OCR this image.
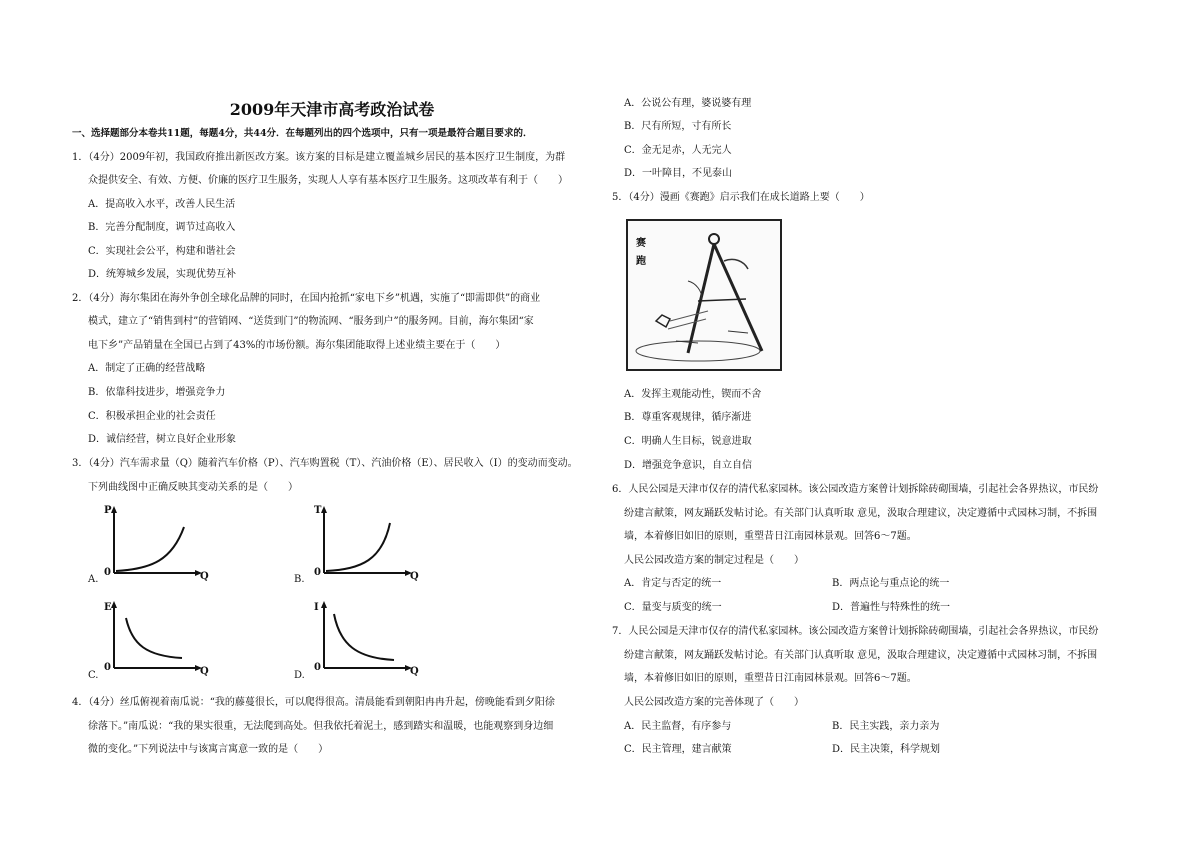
2009年天津市高考政治试卷
一、选择题部分本卷共11题，每题4分，共44分．在每题列出的四个选项中，只有一项是最符合题目要求的．
1．（4分）2009年初，我国政府推出新医改方案。该方案的目标是建立覆盖城乡居民的基本医疗卫生制度，为群
众提供安全、有效、方便、价廉的医疗卫生服务，实现人人享有基本医疗卫生服务。这项改革有利于（　　）
A．提高收入水平，改善人民生活
B．完善分配制度，调节过高收入
C．实现社会公平，构建和谐社会
D．统筹城乡发展，实现优势互补
2．（4分）海尔集团在海外争创全球化品牌的同时，在国内抢抓“家电下乡”机遇，实施了“即需即供”的商业
模式，建立了“销售到村”的营销网、“送货到门”的物流网、“服务到户”的服务网。目前，海尔集团“家
电下乡”产品销量在全国已占到了43%的市场份额。海尔集团能取得上述业绩主要在于（　　）
A．制定了正确的经营战略
B．依靠科技进步，增强竞争力
C．积极承担企业的社会责任
D．诚信经营，树立良好企业形象
3．（4分）汽车需求量（Q）随着汽车价格（P）、汽车购置税（T）、汽油价格（E）、居民收入（I）的变动而变动。
下列曲线图中正确反映其变动关系的是（　　）
A.
P
0	Q	B.
T
0	Q
C.
E
0	Q	D.
I
0	Q
4．（4分）丝瓜俯视着南瓜说：“我的藤蔓很长，可以爬得很高。清晨能看到朝阳冉冉升起，傍晚能看到夕阳徐
徐落下。”南瓜说：“我的果实很重，无法爬到高处。但我依托着泥土，感到踏实和温暖，也能观察到身边细
微的变化。”下列说法中与该寓言寓意一致的是（　　）
A．公说公有理，婆说婆有理
B．尺有所短，寸有所长
C．金无足赤，人无完人
D．一叶障目，不见泰山
5．（4分）漫画《赛跑》启示我们在成长道路上要（　　）
A．发挥主观能动性，锲而不舍
B．尊重客观规律，循序渐进
C．明确人生目标，锐意进取
D．增强竞争意识，自立自信
6．人民公园是天津市仅存的清代私家园林。该公园改造方案曾计划拆除砖砌围墙，引起社会各界热议，市民纷
纷建言献策，网友踊跃发帖讨论。有关部门认真听取 意见，汲取合理建议，决定遵循中式园林习制，不拆围
墙，本着修旧如旧的原则，重塑昔日江南园林景观。回答6～7题。
人民公园改造方案的制定过程是（　　）
A．肯定与否定的统一	B．两点论与重点论的统一
C．量变与质变的统一	D．普遍性与特殊性的统一
7．人民公园是天津市仅存的清代私家园林。该公园改造方案曾计划拆除砖砌围墙，引起社会各界热议，市民纷
纷建言献策，网友踊跃发帖讨论。有关部门认真听取 意见，汲取合理建议，决定遵循中式园林习制，不拆围
墙，本着修旧如旧的原则，重塑昔日江南园林景观。回答6～7题。
人民公园改造方案的完善体现了（　　）
A．民主监督，有序参与	B．民主实践，亲力亲为
C．民主管理，建言献策	D．民主决策，科学规划
赛跑
